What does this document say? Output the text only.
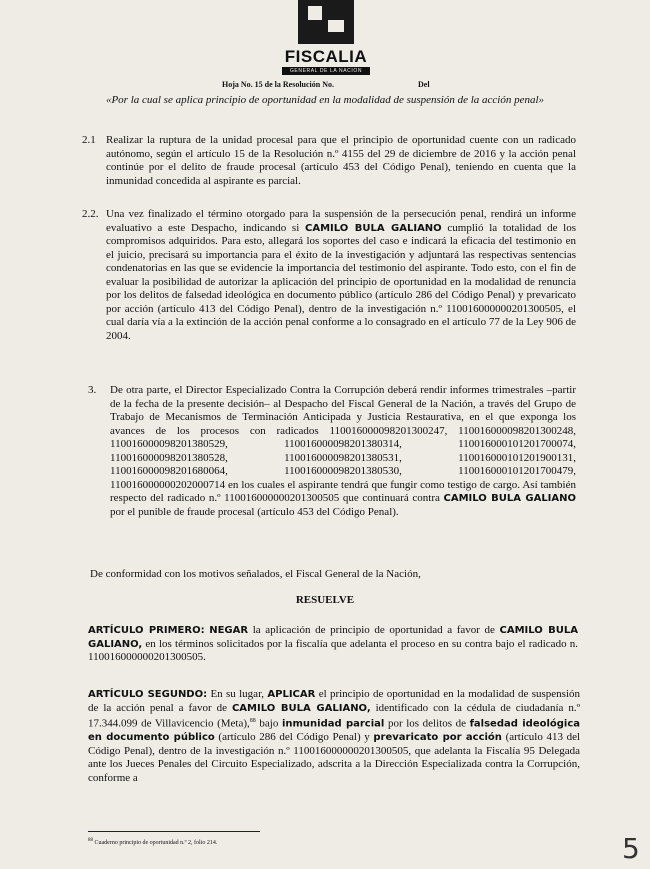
FISCALIA
GENERAL DE LA NACION
Hoja No. 15 de la Resolución No.	Del
«Por la cual se aplica principio de oportunidad en la modalidad de suspensión de la acción penal»
2.1 Realizar la ruptura de la unidad procesal para que el principio de oportunidad cuente con un radicado autónomo, según el artículo 15 de la Resolución n.º 4155 del 29 de diciembre de 2016 y la acción penal continúe por el delito de fraude procesal (artículo 453 del Código Penal), teniendo en cuenta que la inmunidad concedida al aspirante es parcial.
2.2. Una vez finalizado el término otorgado para la suspensión de la persecución penal, rendirá un informe evaluativo a este Despacho, indicando si CAMILO BULA GALIANO cumplió la totalidad de los compromisos adquiridos. Para esto, allegará los soportes del caso e indicará la eficacia del testimonio en el juicio, precisará su importancia para el éxito de la investigación y adjuntará las respectivas sentencias condenatorias en las que se evidencie la importancia del testimonio del aspirante. Todo esto, con el fin de evaluar la posibilidad de autorizar la aplicación del principio de oportunidad en la modalidad de renuncia por los delitos de falsedad ideológica en documento público (artículo 286 del Código Penal) y prevaricato por acción (artículo 413 del Código Penal), dentro de la investigación n.º 110016000000201300505, el cual daría vía a la extinción de la acción penal conforme a lo consagrado en el artículo 77 de la Ley 906 de 2004.
3. De otra parte, el Director Especializado Contra la Corrupción deberá rendir informes trimestrales –partir de la fecha de la presente decisión– al Despacho del Fiscal General de la Nación, a través del Grupo de Trabajo de Mecanismos de Terminación Anticipada y Justicia Restaurativa, en el que exponga los avances de los procesos con radicados 110016000098201300247, 110016000098201300248, 110016000098201380529, 110016000098201380314, 110016000101201700074, 110016000098201380528, 110016000098201380531, 110016000101201900131, 110016000098201680064, 110016000098201380530, 110016000101201700479, 110016000000202000714 en los cuales el aspirante tendrá que fungir como testigo de cargo. Así también respecto del radicado n.º 110016000000201300505 que continuará contra CAMILO BULA GALIANO por el punible de fraude procesal (artículo 453 del Código Penal).
De conformidad con los motivos señalados, el Fiscal General de la Nación,
RESUELVE
ARTÍCULO PRIMERO: NEGAR la aplicación de principio de oportunidad a favor de CAMILO BULA GALIANO, en los términos solicitados por la fiscalía que adelanta el proceso en su contra bajo el radicado n. 110016000000201300505.
ARTÍCULO SEGUNDO: En su lugar, APLICAR el principio de oportunidad en la modalidad de suspensión de la acción penal a favor de CAMILO BULA GALIANO, identificado con la cédula de ciudadanía n.º 17.344.099 de Villavicencio (Meta),$^{88}$ bajo inmunidad parcial por los delitos de falsedad ideológica en documento público (artículo 286 del Código Penal) y prevaricato por acción (artículo 413 del Código Penal), dentro de la investigación n.º 110016000000201300505, que adelanta la Fiscalía 95 Delegada ante los Jueces Penales del Circuito Especializado, adscrita a la Dirección Especializada contra la Corrupción, conforme a
$^{88}$ Cuaderno principio de oportunidad n.º 2, folio 214.	5
